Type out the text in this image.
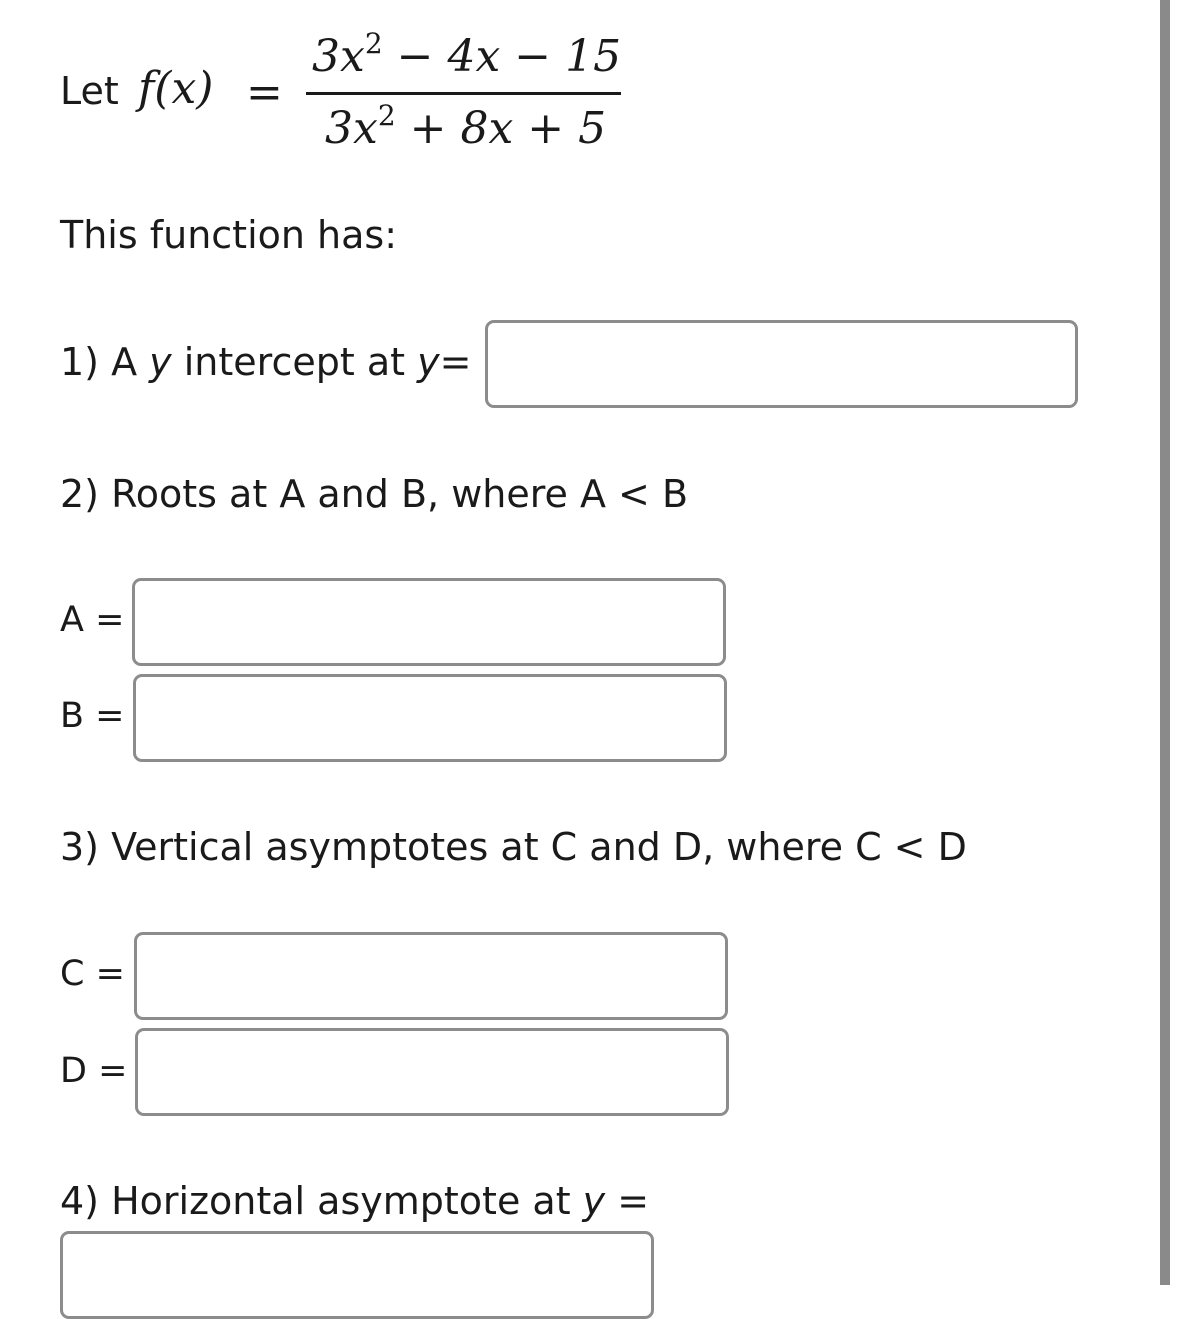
Let f(x) =
$3x^2 - 4x - 15$
$3x^2 + 8x + 5$
This function has:
1) A y intercept at y=
2) Roots at A and B, where A < B
A =
B =
3) Vertical asymptotes at C and D, where C < D
C =
D =
4) Horizontal asymptote at y =
